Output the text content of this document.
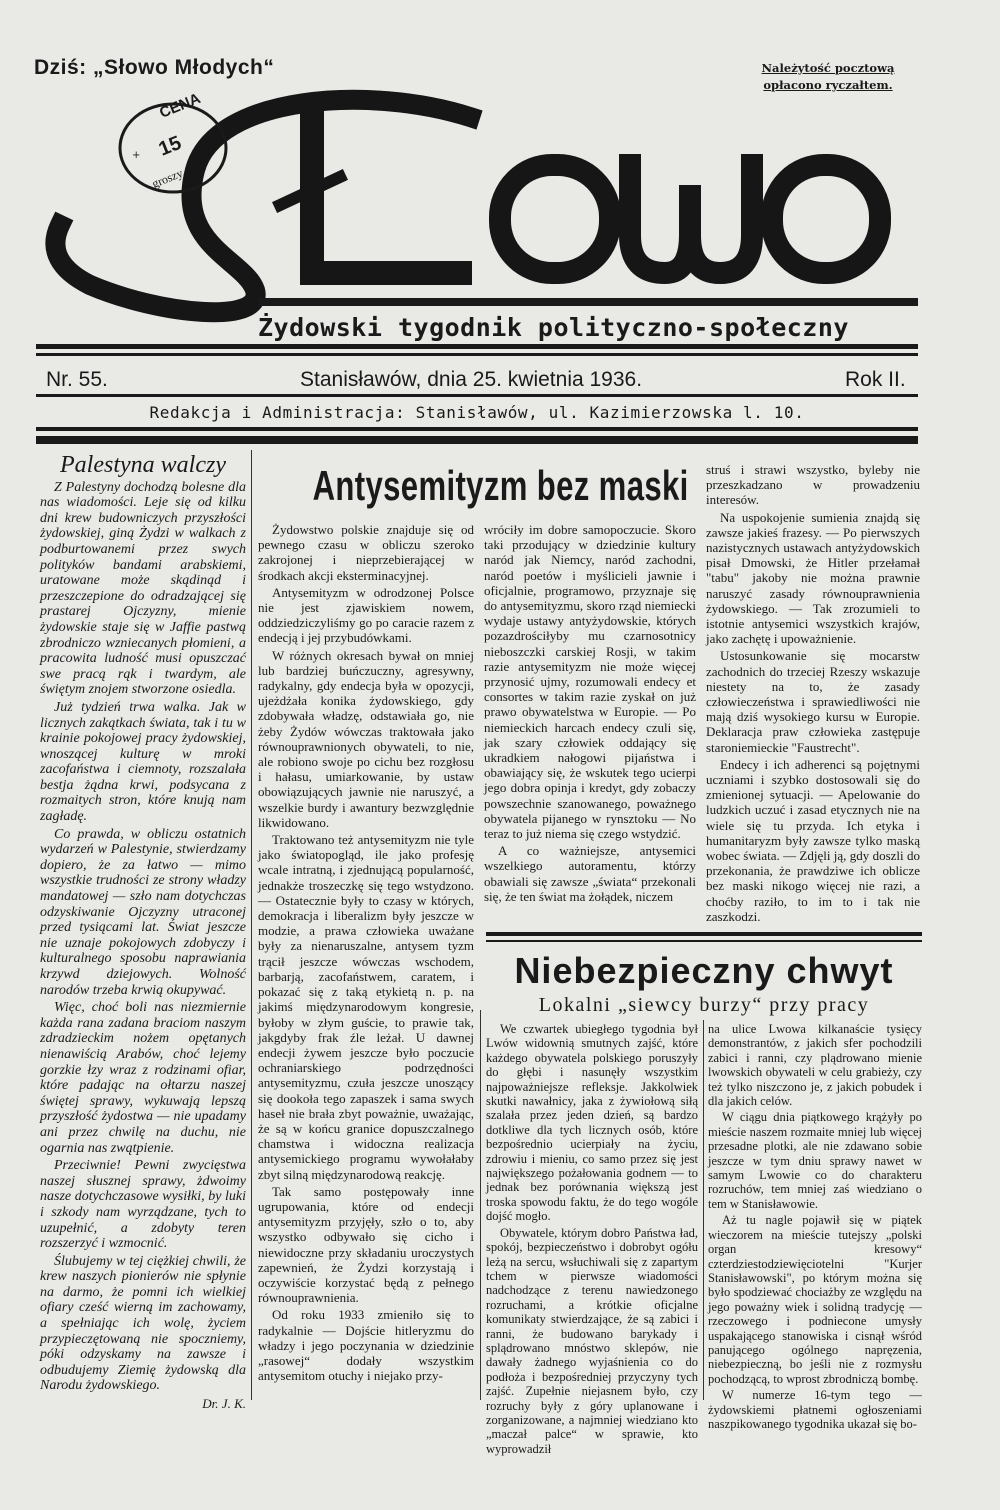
Dziś: „Słowo Młodych“	Należytość pocztową opłacono ryczałtem.	Słowo
CENA
15
groszy
+
+
Żydowski tygodnik polityczno-społeczny
Nr. 55.	Stanisławów, dnia 25. kwietnia 1936.	Rok II.
Redakcja i Administracja: Stanisławów, ul. Kazimierzowska l. 10.
Palestyna walczy

Z Palestyny dochodzą bolesne dla nas wiadomości. Leje się od kilku dni krew budowniczych przyszłości żydowskiej, giną Żydzi w walkach z podburtowanemi przez swych polityków bandami arabskiemi, uratowane może skądinąd i przeszczepione do odradzającej się prastarej Ojczyzny, mienie żydowskie staje się w Jaffie pastwą zbrodniczo wzniecanych płomieni, a pracowita ludność musi opuszczać swe pracą rąk i twardym, ale świętym znojem stworzone osiedla.

Już tydzień trwa walka. Jak w licznych zakątkach świata, tak i tu w krainie pokojowej pracy żydowskiej, wnoszącej kulturę w mroki zacofaństwa i ciemnoty, rozszalała bestja żądna krwi, podsycana z rozmaitych stron, które knują nam zagładę.

Co prawda, w obliczu ostatnich wydarzeń w Palestynie, stwierdzamy dopiero, że za łatwo — mimo wszystkie trudności ze strony władzy mandatowej — szło nam dotychczas odzyskiwanie Ojczyzny utraconej przed tysiącami lat. Świat jeszcze nie uznaje pokojowych zdobyczy i kulturalnego sposobu naprawiania krzywd dziejowych. Wolność narodów trzeba krwią okupywać.

Więc, choć boli nas niezmiernie każda rana zadana braciom naszym zdradzieckim nożem opętanych nienawiścią Arabów, choć lejemy gorzkie łzy wraz z rodzinami ofiar, które padając na ołtarzu naszej świętej sprawy, wykuwają lepszą przyszłość żydostwa — nie upadamy ani przez chwilę na duchu, nie ogarnia nas zwątpienie.

Przeciwnie! Pewni zwycięstwa naszej słusznej sprawy, żdwoimy nasze dotychczasowe wysiłki, by luki i szkody nam wyrządzane, tych to uzupełnić, a zdobyty teren rozszerzyć i wzmocnić.

Ślubujemy w tej ciężkiej chwili, że krew naszych pionierów nie spłynie na darmo, że pomni ich wielkiej ofiary cześć wierną im zachowamy, a spełniając ich wolę, życiem przypieczętowaną nie spoczniemy, póki odzyskamy na zawsze i odbudujemy Ziemię żydowską dla Narodu żydowskiego.

Dr. J. K.
Antysemityzm bez maski

Żydowstwo polskie znajduje się od pewnego czasu w obliczu szeroko zakrojonej i nieprzebierającej w środkach akcji eksterminacyjnej.

Antysemityzm w odrodzonej Polsce nie jest zjawiskiem nowem, oddziedziczyliśmy go po caracie razem z endecją i jej przybudówkami.

W różnych okresach bywał on mniej lub bardziej buńczuczny, agresywny, radykalny, gdy endecja była w opozycji, ujeżdżała konika żydowskiego, gdy zdobywała władzę, odstawiała go, nie żeby Żydów wówczas traktowała jako równouprawnionych obywateli, to nie, ale robiono swoje po cichu bez rozgłosu i hałasu, umiarkowanie, by ustaw obowiązujących jawnie nie naruszyć, a wszelkie burdy i awantury bezwzględnie likwidowano.

Traktowano też antysemityzm nie tyle jako światopogląd, ile jako profesję wcale intratną, i zjednującą popularność, jednakże troszeczkę się tego wstydzono. — Ostatecznie były to czasy w których, demokracja i liberalizm były jeszcze w modzie, a prawa człowieka uważane były za nienaruszalne, antysem tyzm trącił jeszcze wówczas wschodem, barbarją, zacofaństwem, caratem, i pokazać się z taką etykietą n. p. na jakimś międzynarodowym kongresie, byłoby w złym guście, to prawie tak, jakgdyby frak źle leżał. U dawnej endecji żywem jeszcze było poczucie ochraniarskiego podrzędności antysemityzmu, czuła jeszcze unoszący się dookoła tego zapaszek i sama swych haseł nie brała zbyt poważnie, uważając, że są w końcu granice dopuszczalnego chamstwa i widoczna realizacja antysemickiego programu wywołałaby zbyt silną międzynarodową reakcję.

Tak samo postępowały inne ugrupowania, które od endecji antysemityzm przyjęły, szło o to, aby wszystko odbywało się cicho i niewidoczne przy składaniu uroczystych zapewnień, że Żydzi korzystają i oczywiście korzystać będą z pełnego równouprawnienia.

Od roku 1933 zmieniło się to radykalnie — Dojście hitleryzmu do władzy i jego poczynania w dziedzinie „rasowej“ dodały wszystkim antysemitom otuchy i niejako przy-

wróciły im dobre samopoczucie. Skoro taki przodujący w dziedzinie kultury naród jak Niemcy, naród zachodni, naród poetów i myślicieli jawnie i oficjalnie, programowo, przyznaje się do antysemityzmu, skoro rząd niemiecki wydaje ustawy antyżydowskie, których pozazdrościłyby mu czarnosotnicy nieboszczki carskiej Rosji, w takim razie antysemityzm nie może więcej przynosić ujmy, rozumowali endecy et consortes w takim razie zyskał on już prawo obywatelstwa w Europie. — Po niemieckich harcach endecy czuli się, jak szary człowiek oddający się ukradkiem nałogowi pijaństwa i obawiający się, że wskutek tego ucierpi jego dobra opinja i kredyt, gdy zobaczy powszechnie szanowanego, poważnego obywatela pijanego w rynsztoku — No teraz to już niema się czego wstydzić.

A co ważniejsze, antysemici wszelkiego autoramentu, którzy obawiali się zawsze „świata“ przekonali się, że ten świat ma żołądek, niczem

struś i strawi wszystko, byleby nie przeszkadzano w prowadzeniu interesów.

Na uspokojenie sumienia znajdą się zawsze jakieś frazesy. — Po pierwszych nazistycznych ustawach antyżydowskich pisał Dmowski, że Hitler przełamał "tabu" jakoby nie można prawnie naruszyć zasady równouprawnienia żydowskiego. — Tak zrozumieli to istotnie antysemici wszystkich krajów, jako zachętę i upoważnienie.

Ustosunkowanie się mocarstw zachodnich do trzeciej Rzeszy wskazuje niestety na to, że zasady człowieczeństwa i sprawiedliwości nie mają dziś wysokiego kursu w Europie. Deklaracja praw człowieka zastępuje staroniemieckie "Faustrecht".

Endecy i ich adherenci są pojętnymi uczniami i szybko dostosowali się do zmienionej sytuacji. — Apelowanie do ludzkich uczuć i zasad etycznych nie na wiele się tu przyda. Ich etyka i humanitaryzm były zawsze tylko maską wobec świata. — Zdjęli ją, gdy doszli do przekonania, że prawdziwe ich oblicze bez maski nikogo więcej nie razi, a choćby raziło, to im to i tak nie zaszkodzi.

Niebezpieczny chwyt
Lokalni „siewcy burzy“ przy pracy

We czwartek ubiegłego tygodnia był Lwów widownią smutnych zajść, które każdego obywatela polskiego poruszyły do głębi i nasunęły wszystkim najpoważniejsze refleksje. Jakkolwiek skutki nawałnicy, jaka z żywiołową siłą szalała przez jeden dzień, są bardzo dotkliwe dla tych licznych osób, które bezpośrednio ucierpiały na życiu, zdrowiu i mieniu, co samo przez się jest największego pożałowania godnem — to jednak bez porównania większą jest troska spowodu faktu, że do tego wogóle dojść mogło.

Obywatele, którym dobro Państwa ład, spokój, bezpieczeństwo i dobrobyt ogółu leżą na sercu, wsłuchiwali się z zapartym tchem w pierwsze wiadomości nadchodzące z terenu nawiedzonego rozruchami, a krótkie oficjalne komunikaty stwierdzające, że są zabici i ranni, że budowano barykady i splądrowano mnóstwo sklepów, nie dawały żadnego wyjaśnienia co do podłoża i bezpośredniej przyczyny tych zajść. Zupełnie niejasnem było, czy rozruchy były z góry uplanowane i zorganizowane, a najmniej wiedziano kto „maczał palce“ w sprawie, kto wyprowadził

na ulice Lwowa kilkanaście tysięcy demonstrantów, z jakich sfer pochodzili zabici i ranni, czy plądrowano mienie lwowskich obywateli w celu grabieży, czy też tylko niszczono je, z jakich pobudek i dla jakich celów.

W ciągu dnia piątkowego krążyły po mieście naszem rozmaite mniej lub więcej przesadne plotki, ale nie zdawano sobie jeszcze w tym dniu sprawy nawet w samym Lwowie co do charakteru rozruchów, tem mniej zaś wiedziano o tem w Stanisławowie.

Aż tu nagle pojawił się w piątek wieczorem na mieście tutejszy „polski organ kresowy“ czterdziestodziewięciotelni "Kurjer Stanisławowski", po którym można się było spodziewać chociażby ze względu na jego poważny wiek i solidną tradycję — rzeczowego i podniecone umysły uspakającego stanowiska i cisnął wśród panującego ogólnego napręzenia, niebezpieczną, bo jeśli nie z rozmysłu pochodzącą, to wprost zbrodniczą bombę.

W numerze 16-tym tego — żydowskiemi płatnemi ogłoszeniami naszpikowanego tygodnika ukazał się bo-
